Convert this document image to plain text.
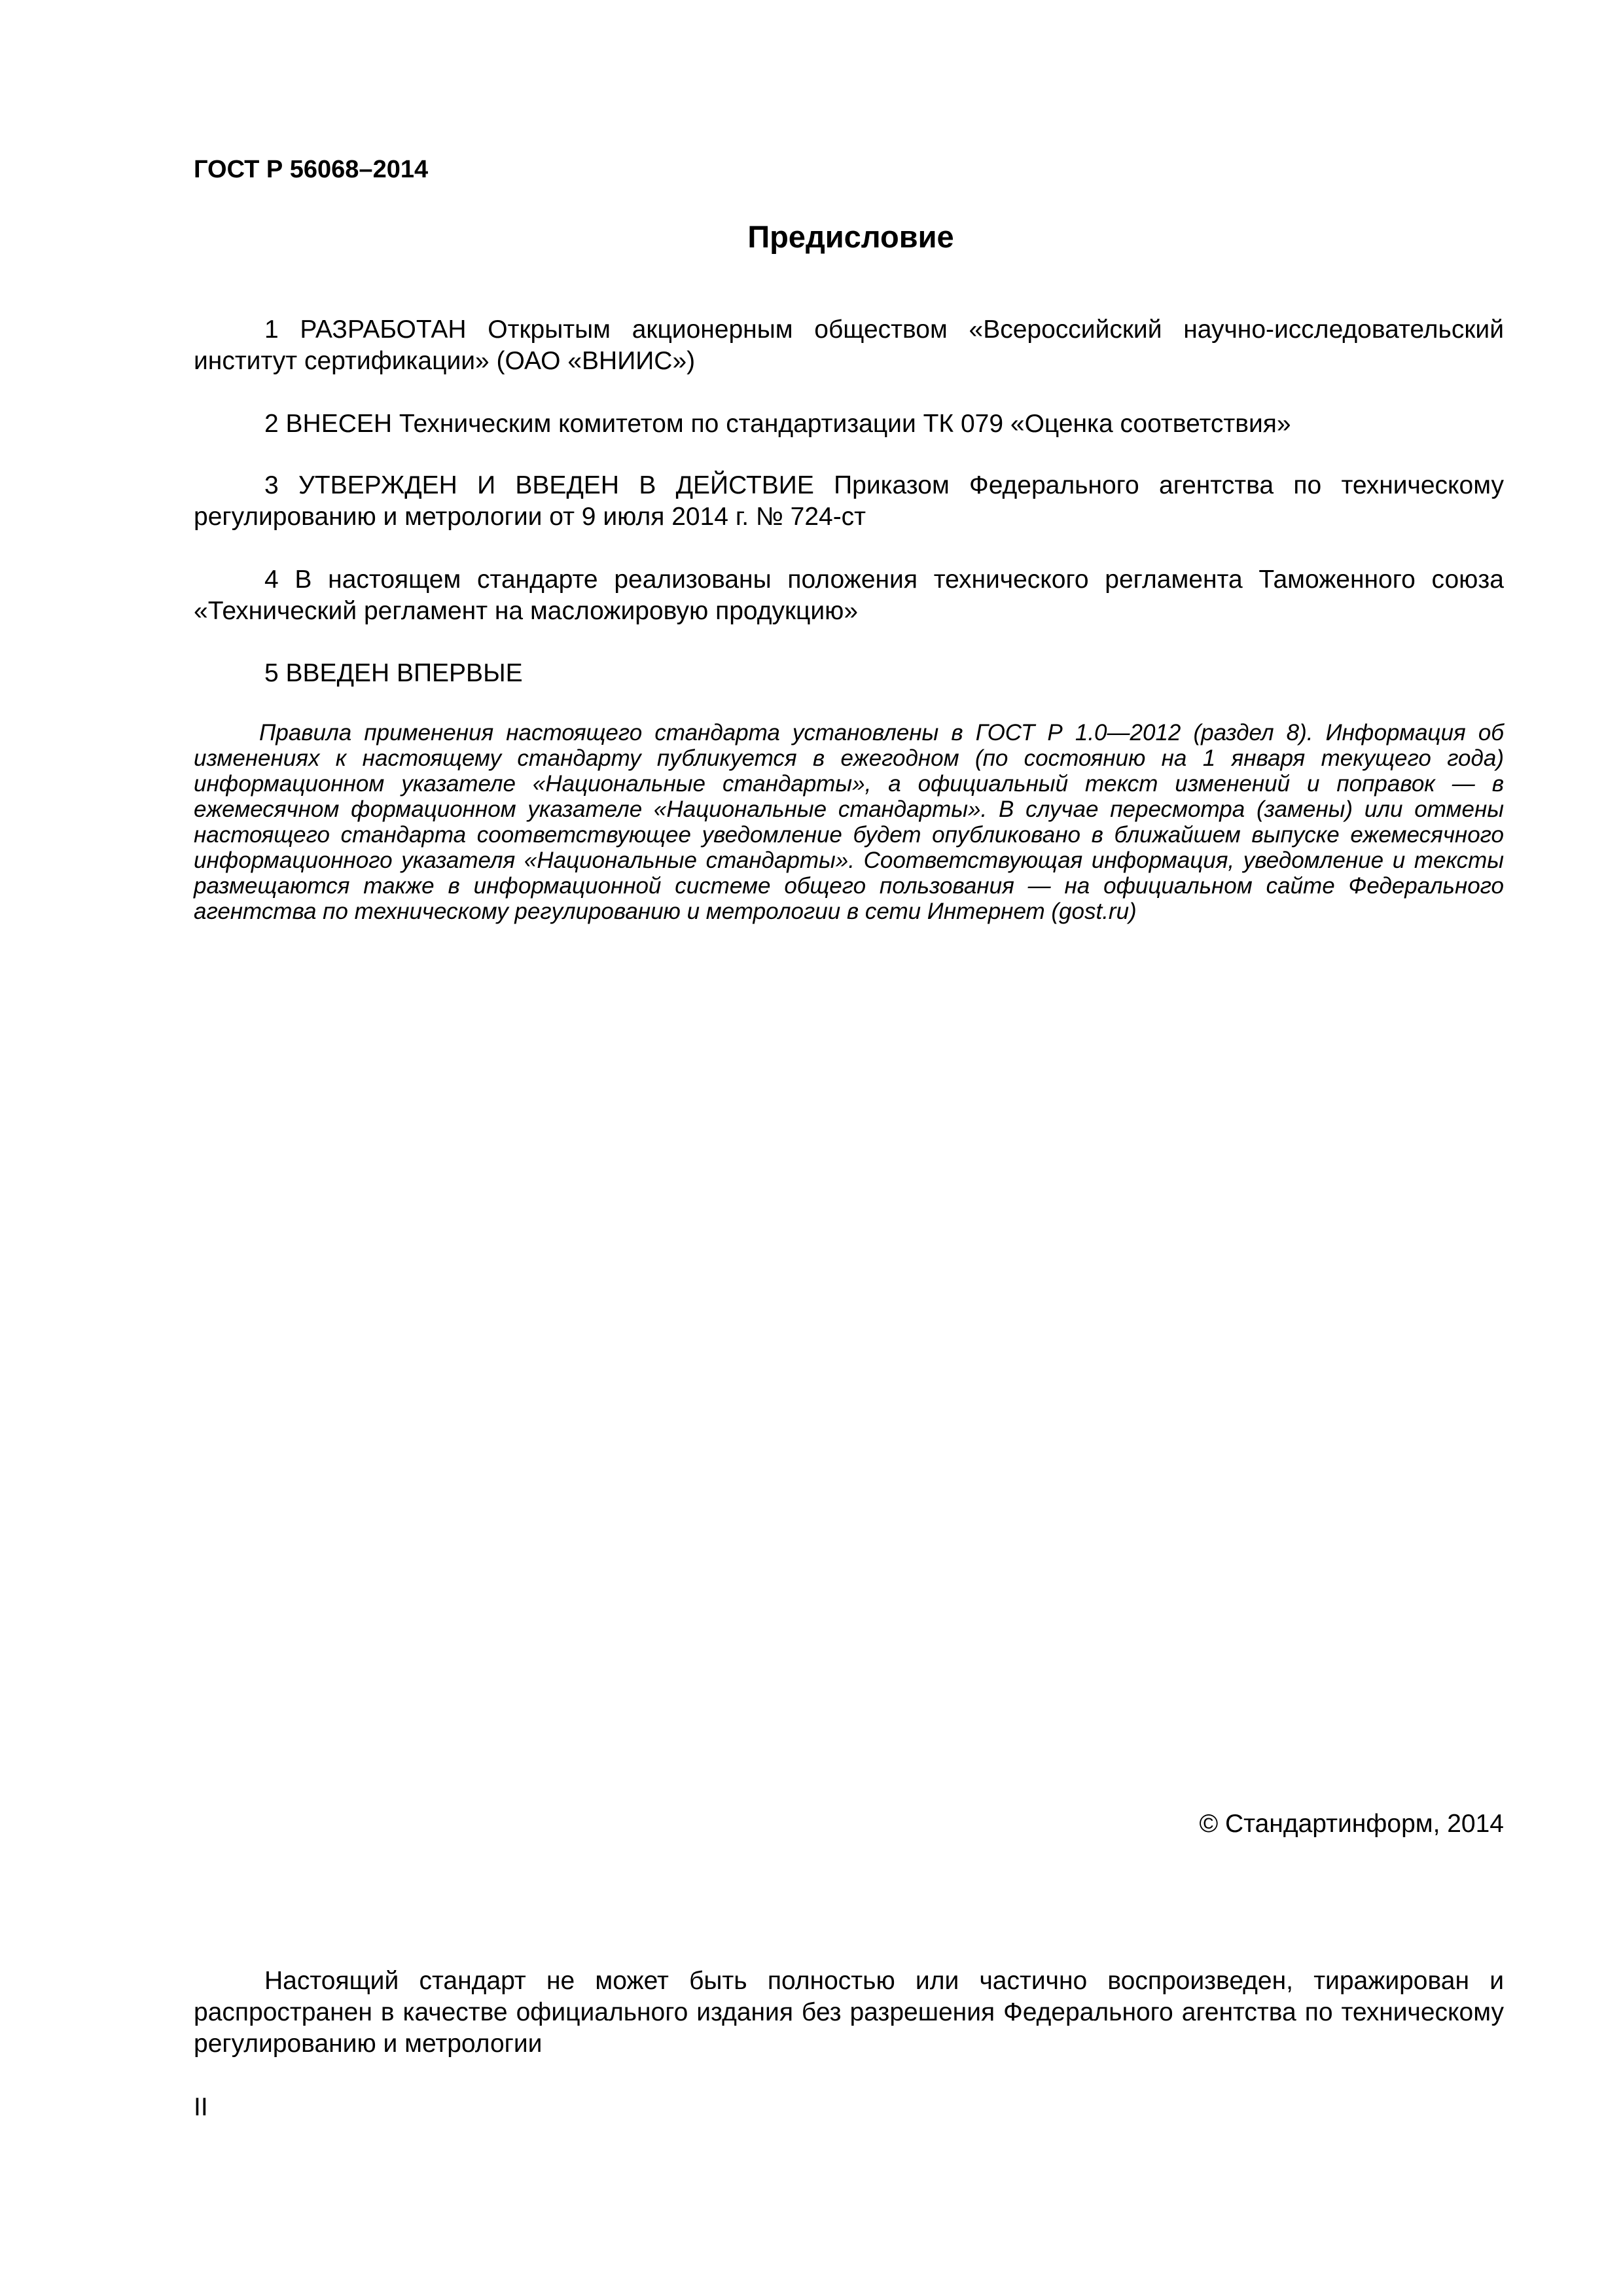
ГОСТ Р 56068–2014
Предисловие

1 РАЗРАБОТАН Открытым акционерным обществом «Всероссийский научно-исследовательский институт сертификации» (ОАО «ВНИИС»)

2 ВНЕСЕН Техническим комитетом по стандартизации ТК 079 «Оценка соответствия»

3 УТВЕРЖДЕН И ВВЕДЕН В ДЕЙСТВИЕ Приказом Федерального агентства по техническому регулированию и метрологии от 9 июля 2014 г. № 724-ст

4 В настоящем стандарте реализованы положения технического регламента Таможенного союза «Технический регламент на масложировую продукцию»

5 ВВЕДЕН ВПЕРВЫЕ

Правила применения настоящего стандарта установлены в ГОСТ Р 1.0—2012 (раздел 8). Информация об изменениях к настоящему стандарту публикуется в ежегодном (по состоянию на 1 января текущего года) информационном указателе «Национальные стандарты», а официальный текст изменений и поправок — в ежемесячном формационном указателе «Национальные стандарты». В случае пересмотра (замены) или отмены настоящего стандарта соответствующее уведомление будет опубликовано в ближайшем выпуске ежемесячного информационного указателя «Национальные стандарты». Соответствующая информация, уведомление и тексты размещаются также в информационной системе общего пользования — на официальном сайте Федерального агентства по техническому регулированию и метрологии в сети Интернет (gost.ru)

© Стандартинформ, 2014

Настоящий стандарт не может быть полностью или частично воспроизведен, тиражирован и распространен в качестве официального издания без разрешения Федерального агентства по техническому регулированию и метрологии

II
